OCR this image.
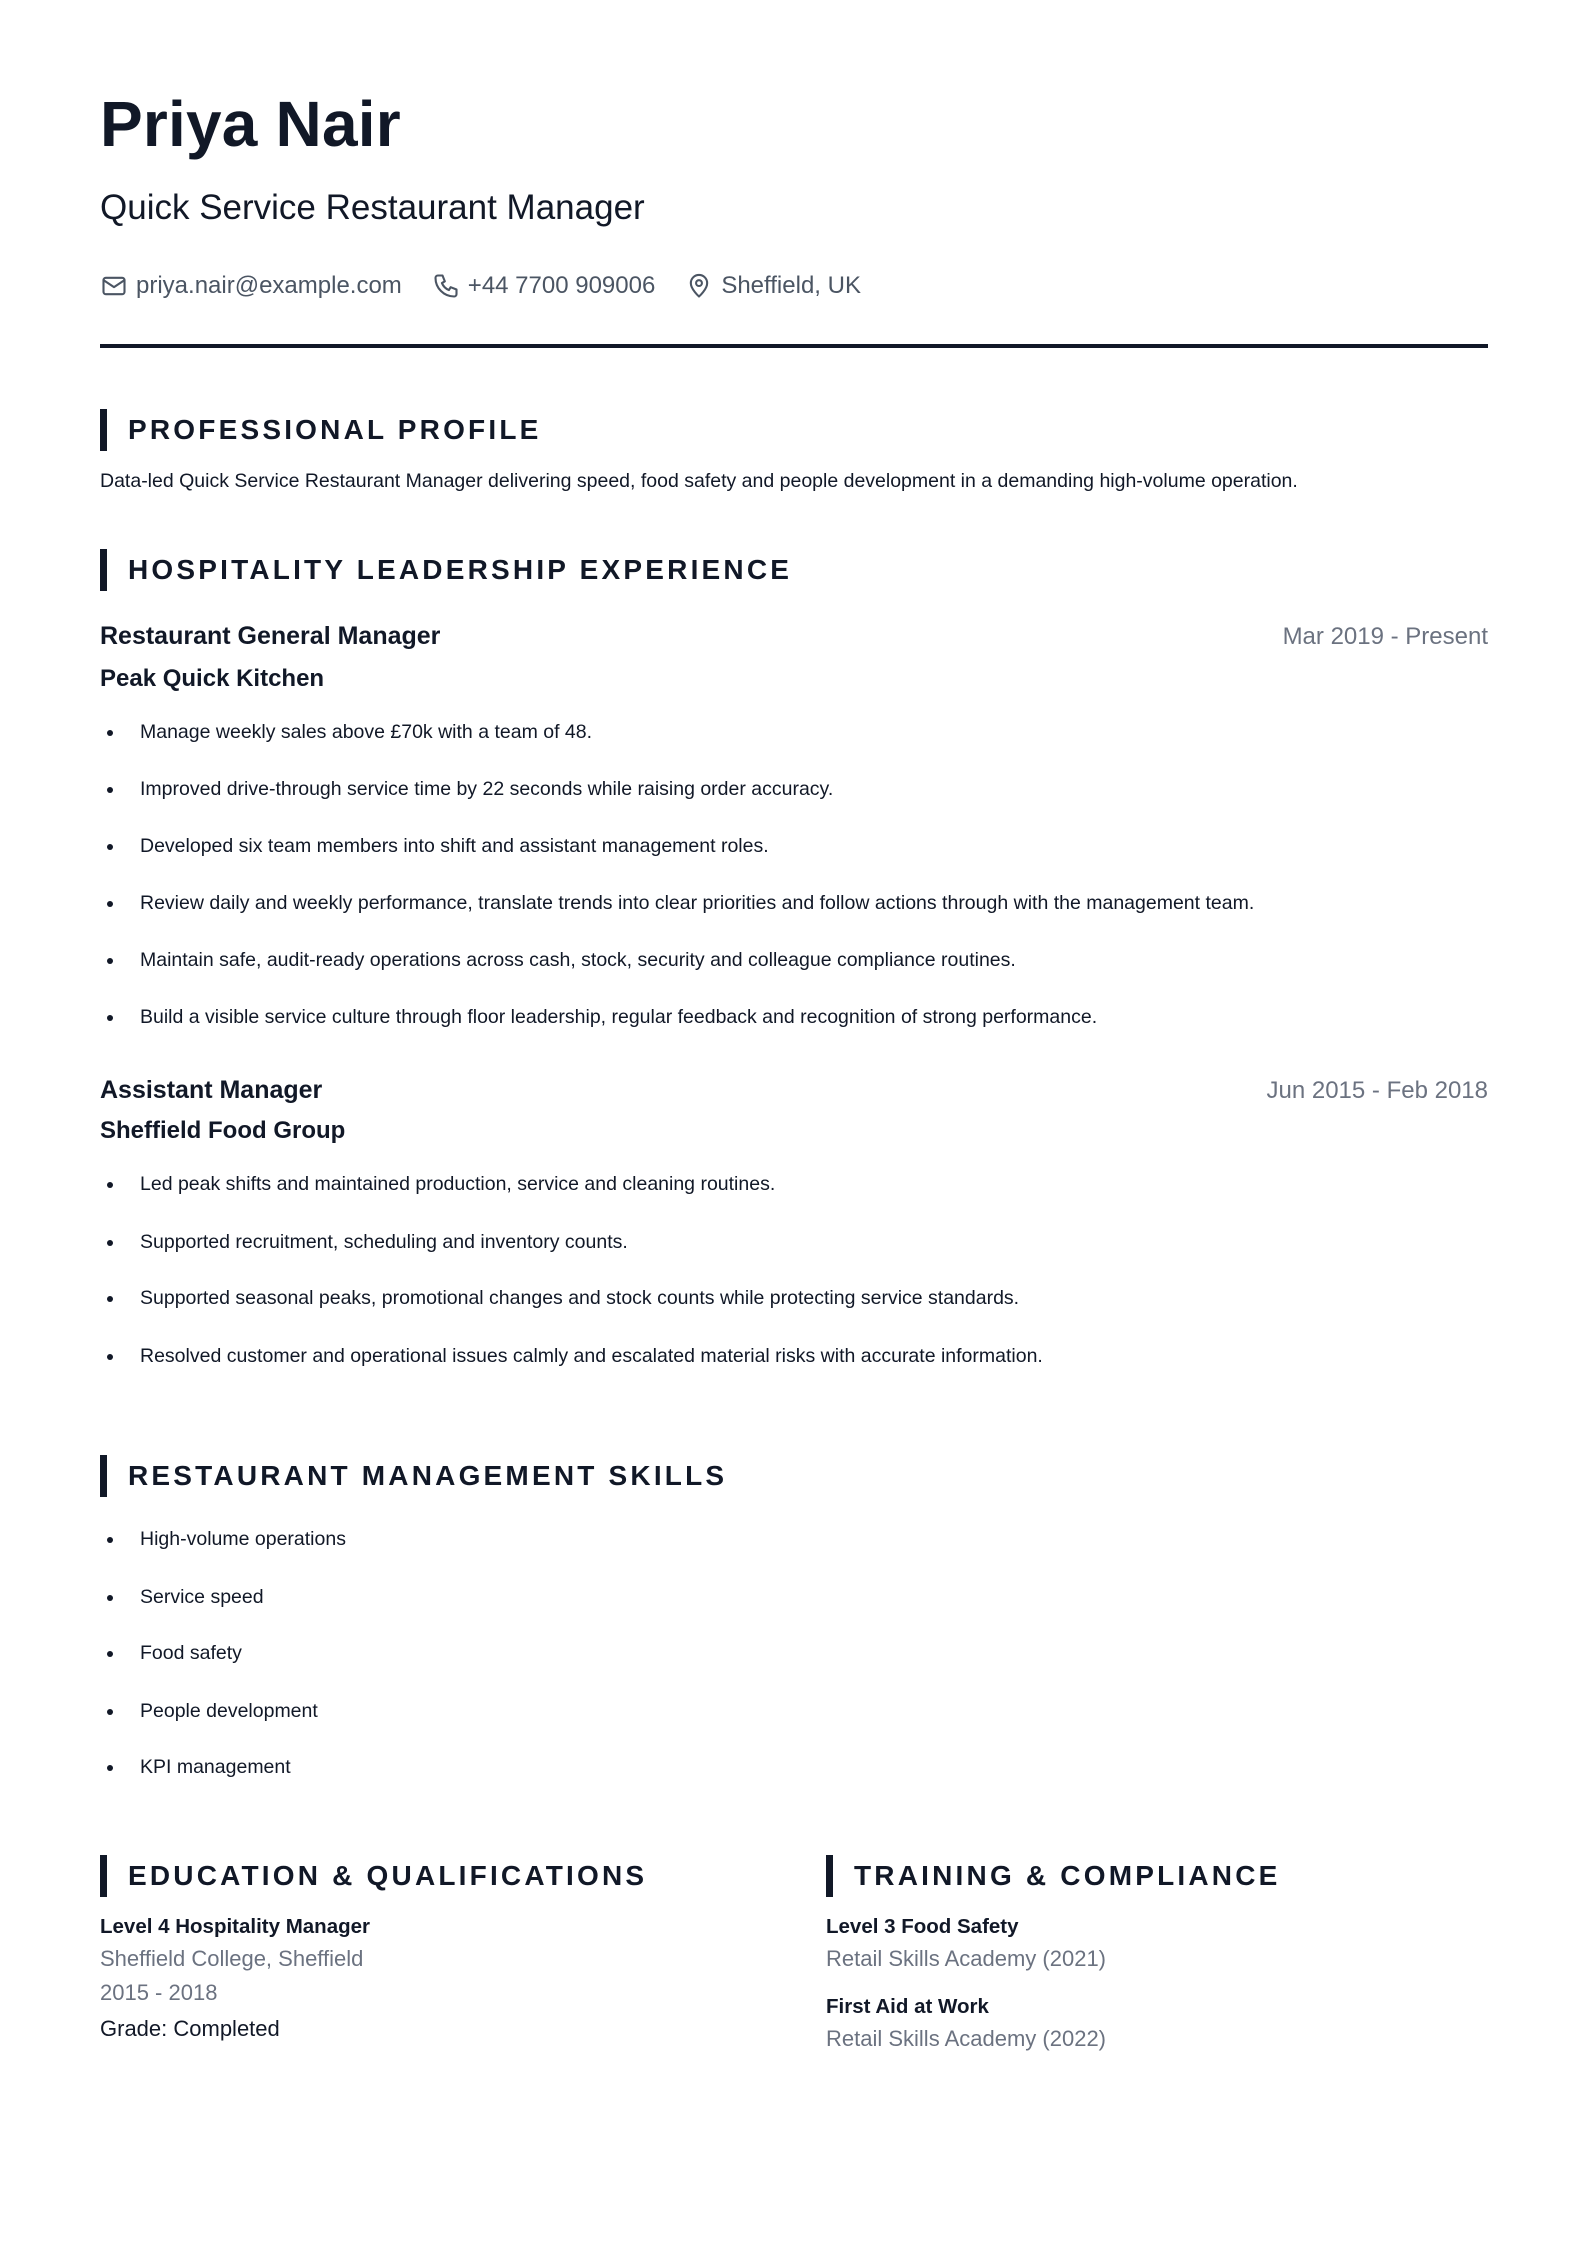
Priya Nair
Quick Service Restaurant Manager
priya.nair@example.com	+44 7700 909006	Sheffield, UK
PROFESSIONAL PROFILE
Data-led Quick Service Restaurant Manager delivering speed, food safety and people development in a demanding high-volume operation.
HOSPITALITY LEADERSHIP EXPERIENCE
Restaurant General Manager	Mar 2019 - Present
Peak Quick Kitchen
Manage weekly sales above £70k with a team of 48.
Improved drive-through service time by 22 seconds while raising order accuracy.
Developed six team members into shift and assistant management roles.
Review daily and weekly performance, translate trends into clear priorities and follow actions through with the management team.
Maintain safe, audit-ready operations across cash, stock, security and colleague compliance routines.
Build a visible service culture through floor leadership, regular feedback and recognition of strong performance.
Assistant Manager	Jun 2015 - Feb 2018
Sheffield Food Group
Led peak shifts and maintained production, service and cleaning routines.
Supported recruitment, scheduling and inventory counts.
Supported seasonal peaks, promotional changes and stock counts while protecting service standards.
Resolved customer and operational issues calmly and escalated material risks with accurate information.
RESTAURANT MANAGEMENT SKILLS
High-volume operations
Service speed
Food safety
People development
KPI management
EDUCATION & QUALIFICATIONS
Level 4 Hospitality Manager
Sheffield College, Sheffield
2015 - 2018
Grade: Completed
TRAINING & COMPLIANCE
Level 3 Food Safety
Retail Skills Academy (2021)
First Aid at Work
Retail Skills Academy (2022)
